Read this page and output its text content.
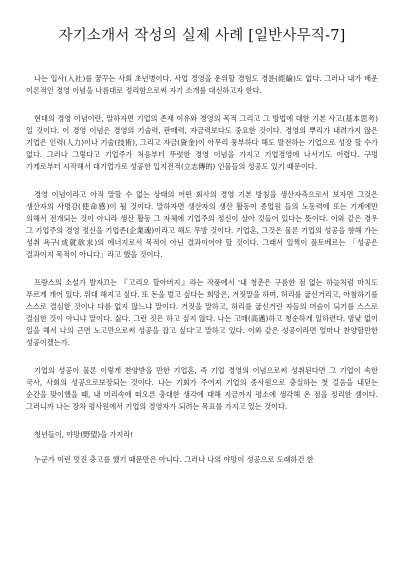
자기소개서 작성의 실제 사례 [일반사무직-7]

나는 입사(入社)를 꿈꾸는 사회 초년병이다. 사업 경영을 운위할 경험도 경륜(經綸)도 없다. 그러나 내가 배운 이론적인 경영 이념을 나름대로 정리함으로써 자기 소개를 대신하고자 한다.

현대의 경영 이념이란, 말하자면 기업의 존재 이유와 경영의 목적 그리고 그 방법에 대한 기본 사고(基本思考)일 것이다. 이 경영 이념은 경영의 기술력, 판매력, 자금력보다도 중요한 것이다. 경영의 뿌리가 내려가지 않은 기업은 인력(人力)이나 기술(技術), 그리고 자금(資金)이 아무리 풍부하다 해도 발전하는 기업으로 성장 할 수가 없다. 그러나 그렇다고 기업주가 처음부터 뚜렷한 경영 이념을 가지고 기업경영에 나서기도 어렵다. 구멍 가게로부터 시작해서 대기업가로 성공한 입지전적(立志傳的) 인물들의 성공도 있기 때문이다.

경영 이념이라고 아직 말할 수 없는 상태의 어떤 회사의 경영 기본 방침을 생산자측으로서 보자면 그것은 생산자의 사명감(使命感)이 될 것이다. 말하자면 생산자의 생산 활동이 종업원 들의 노동력에 또는 기계에만 의해서 전개되는 것이 아니라 생산 활동 그 자체에 기업주의 정신이 살아 깃들어 있다는 뜻이다. 이와 같은 경우 그 기업주의 경영 정신을 기업존(企業魂)이라고 해도 무방 것이다. 기업혼, 그것은 물론 기업의 성공을 향해 가는 성취 욕구(成就欲求)의 에너지로서 목적이 아닌 결과이어야 할 것이다. 그래서 일찍이 플토베르는 「성공은 결과이지 목적이 아니다」라고 했을 것이다.

프랑스의 소설가 발자끄는 『고리오 할아버지』라는 작품에서 '내 청춘은 구름한 점 없는 하늘처럼 마치도 푸르게 개어 있다. 위대 해지고 싶다. 또 돈을 벌고 싶다는 희망은, 거짓말을 하며, 허리를 굽신거리고, 아첨하기를 스스로 결심한 것이나 다름 없지 않느냐 말이다. 거짓을 말하고, 허리를 굽신거린 자들의 머슴이 되기를 스스로 결심한 것이 아니냐 말이다. 싫다. 그런 짓은 하고 싶지 않다. 나는 고매(高邁)하고 청순하게 일하련다. 밤낮 없이 일을 해서 나의 근면 노고만으로써 성공을 잡고 싶다'고 말하고 있다. 이와 같은 성공이라면 얼마나 찬양할만한 성공이겠는가.

기업의 성공이 물론 이렇게 찬양받을 만한 기업혼, 즉 기업 경영의 이념으로써 성취된다면 그 기업이 속한 국사, 사회의 성공으로보장되는 것이다. 나는 기회가 주어져 기업의 종사원으로 충실하는 첫 걸음을 내딛는 순간을 맞이했을 때, 내 머리속에 떠오른 충대한 생각에 대해 지금까지 평소에 생각해 온 점을 정리한 셈이다. 그러니까 나는 장차 평사원에서 기업의 경영자가 되려는 목표를 가지고 있는 것이다.

청년들이, 야망(野望)을 가지라!

누군가 이런 멋진 충고를 했기 때문만은 아니다. 그러나 나의 야망이 성공으로 도래하건 한
